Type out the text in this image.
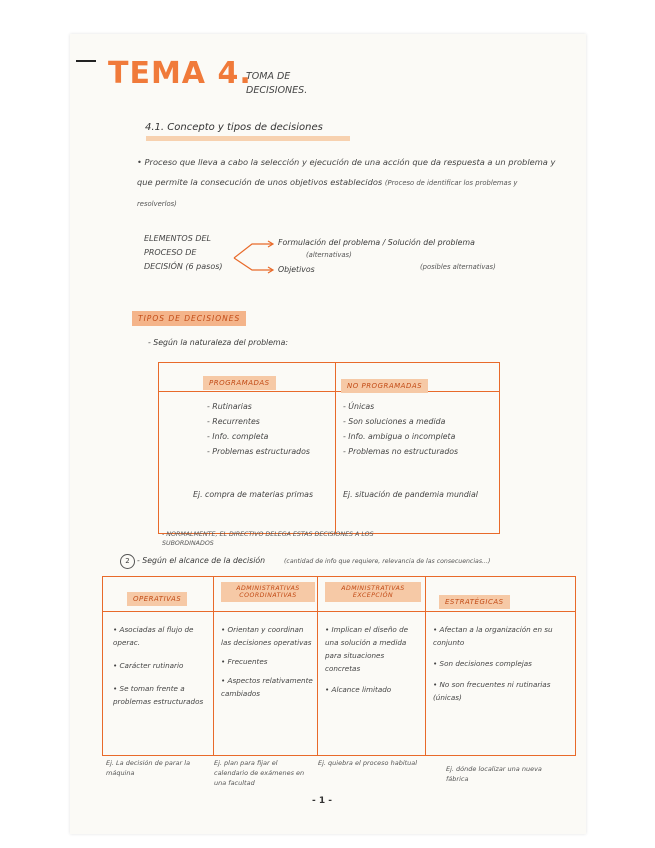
TEMA 4.
TOMA DE DECISIONES.
4.1. Concepto y tipos de decisiones
• Proceso que lleva a cabo la selección y ejecución de una acción que da respuesta a un problema y que permite la consecución de unos objetivos establecidos (Proceso de identificar los problemas y resolverlos)
ELEMENTOS DEL PROCESO DE DECISIÓN (6 pasos)
Formulación del problema / Solución del problema
(alternativas)
(posibles alternativas)
Objetivos
TIPOS DE DECISIONES
- Según la naturaleza del problema:
PROGRAMADAS	NO PROGRAMADAS
- Rutinarias
- Recurrentes
- Info. completa
- Problemas estructurados
Ej. compra de materias primas
- Únicas
- Son soluciones a medida
- Info. ambigua o incompleta
- Problemas no estructurados
Ej. situación de pandemia mundial
- NORMALMENTE, EL DIRECTIVO DELEGA ESTAS DECISIONES A LOS SUBORDINADOS
2 - Según el alcance de la decisión	(cantidad de info que requiere, relevancia de las consecuencias...)
OPERATIVAS
ADMINISTRATIVAS COORDINATIVAS
ADMINISTRATIVAS EXCEPCIÓN
ESTRATÉGICAS
• Asociadas al flujo de operac.
• Carácter rutinario
• Se toman frente a problemas estructurados
• Orientan y coordinan las decisiones operativas
• Frecuentes
• Aspectos relativamente cambiados
• Implican el diseño de una solución a medida para situaciones concretas
• Alcance limitado
• Afectan a la organización en su conjunto
• Son decisiones complejas
• No son frecuentes ni rutinarias (únicas)
Ej. La decisión de parar la máquina
Ej. plan para fijar el calendario de exámenes en una facultad
Ej. quiebra el proceso habitual
Ej. dónde localizar una nueva fábrica
- 1 -
